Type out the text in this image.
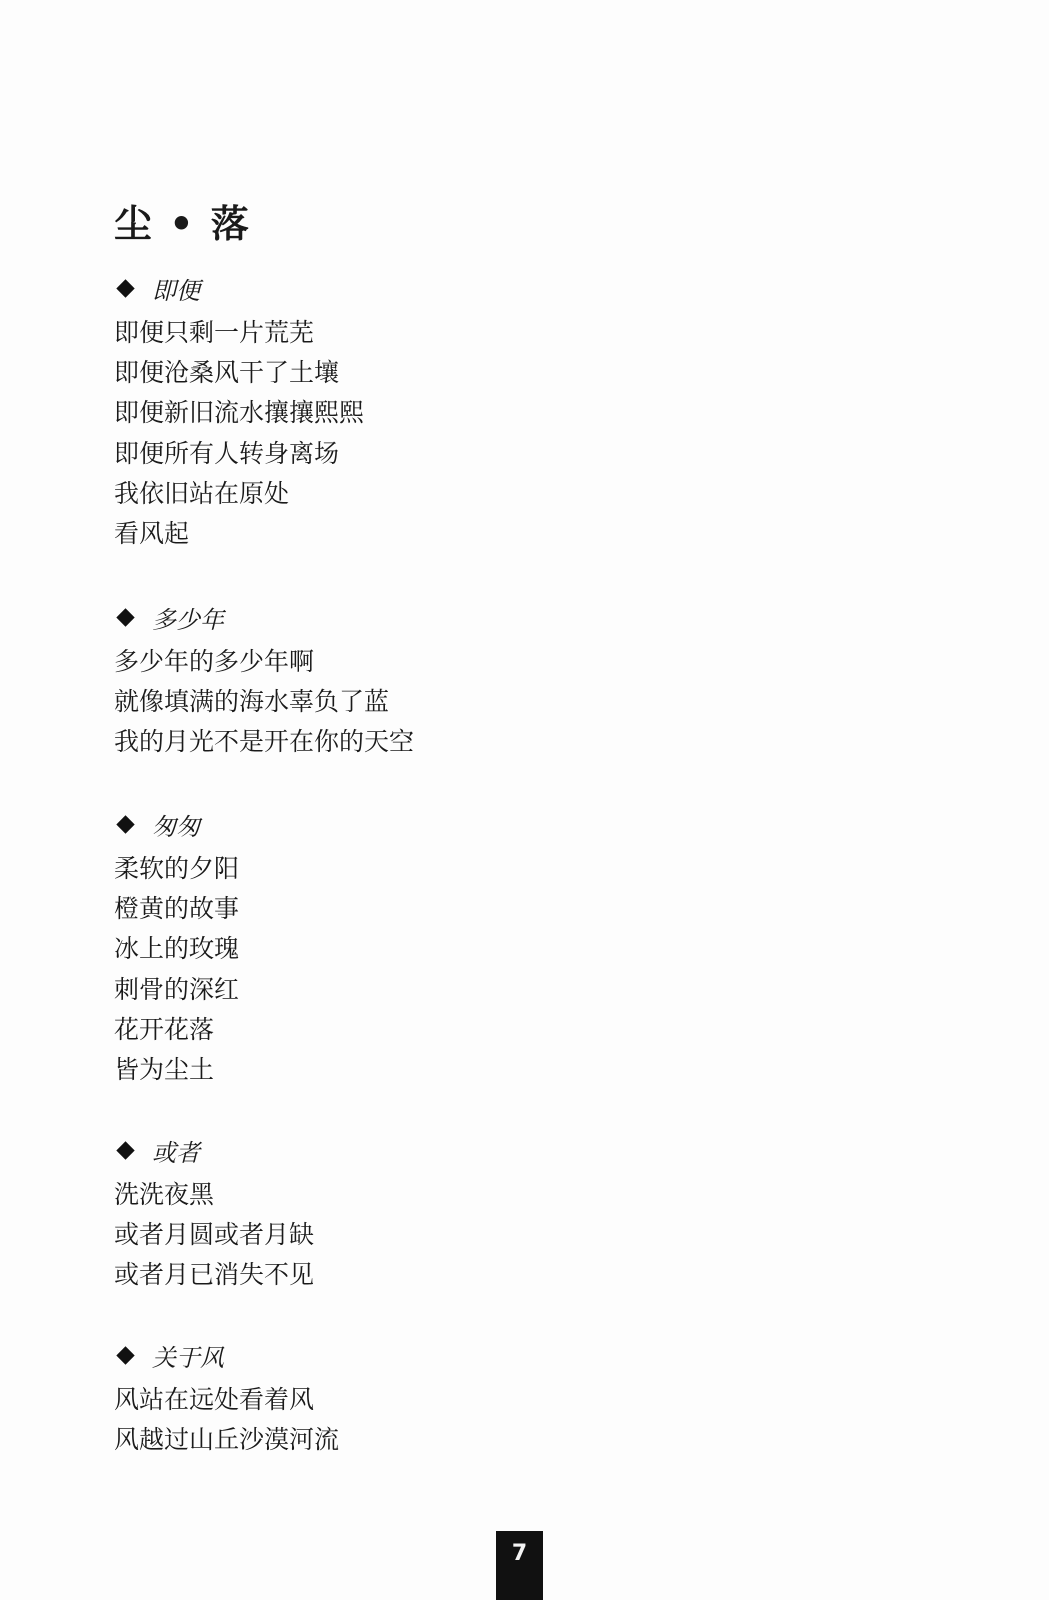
尘 • 落
即便
即便只剩一片荒芜
即便沧桑风干了土壤
即便新旧流水攘攘熙熙
即便所有人转身离场
我依旧站在原处
看风起
多少年
多少年的多少年啊
就像填满的海水辜负了蓝
我的月光不是开在你的天空
匆匆
柔软的夕阳
橙黄的故事
冰上的玫瑰
刺骨的深红
花开花落
皆为尘土
或者
洗洗夜黑
或者月圆或者月缺
或者月已消失不见
关于风
风站在远处看着风
风越过山丘沙漠河流
7
